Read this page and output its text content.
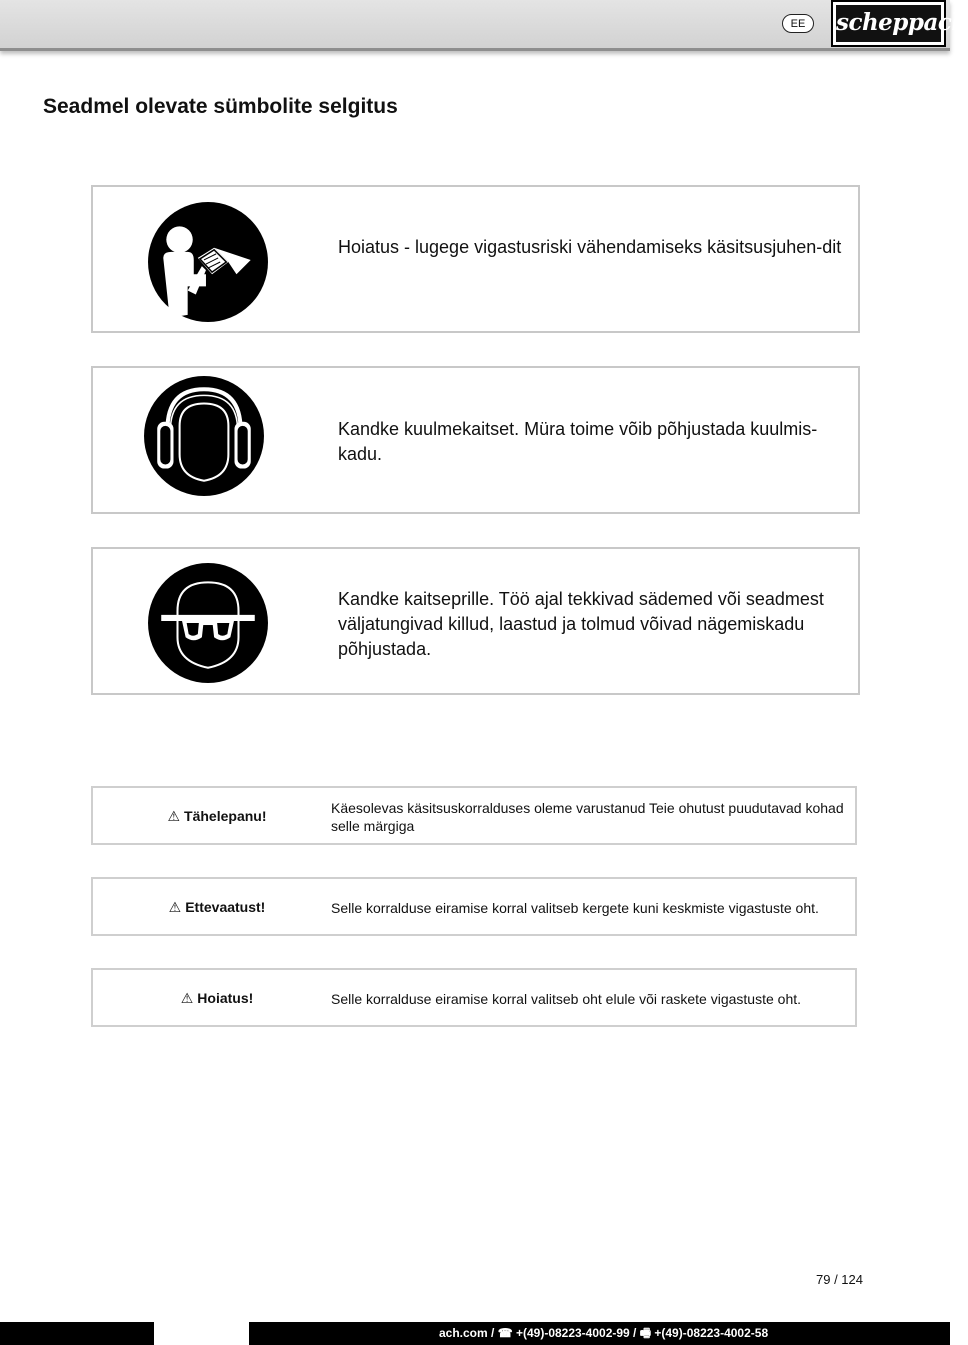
EE	scheppach
Seadmel olevate sümbolite selgitus
Hoiatus - lugege vigastusriski vähendamiseks käsitsusjuhen-dit
Kandke kuulmekaitset. Müra toime võib põhjustada kuulmis-kadu.
Kandke kaitseprille. Töö ajal tekkivad sädemed või seadmest väljatungivad killud, laastud ja tolmud võivad nägemiskadu põhjustada.
⚠ Tähelepanu!	Käesolevas käsitsuskorralduses oleme varustanud Teie ohutust puudutavad kohad selle märgiga
⚠ Ettevaatust!	Selle korralduse eiramise korral valitseb kergete kuni keskmiste vigastuste oht.
⚠ Hoiatus!	Selle korralduse eiramise korral valitseb oht elule või raskete vigastuste oht.
79 / 124
ach.com / ☎ +(49)-08223-4002-99 / 🖷 +(49)-08223-4002-58
